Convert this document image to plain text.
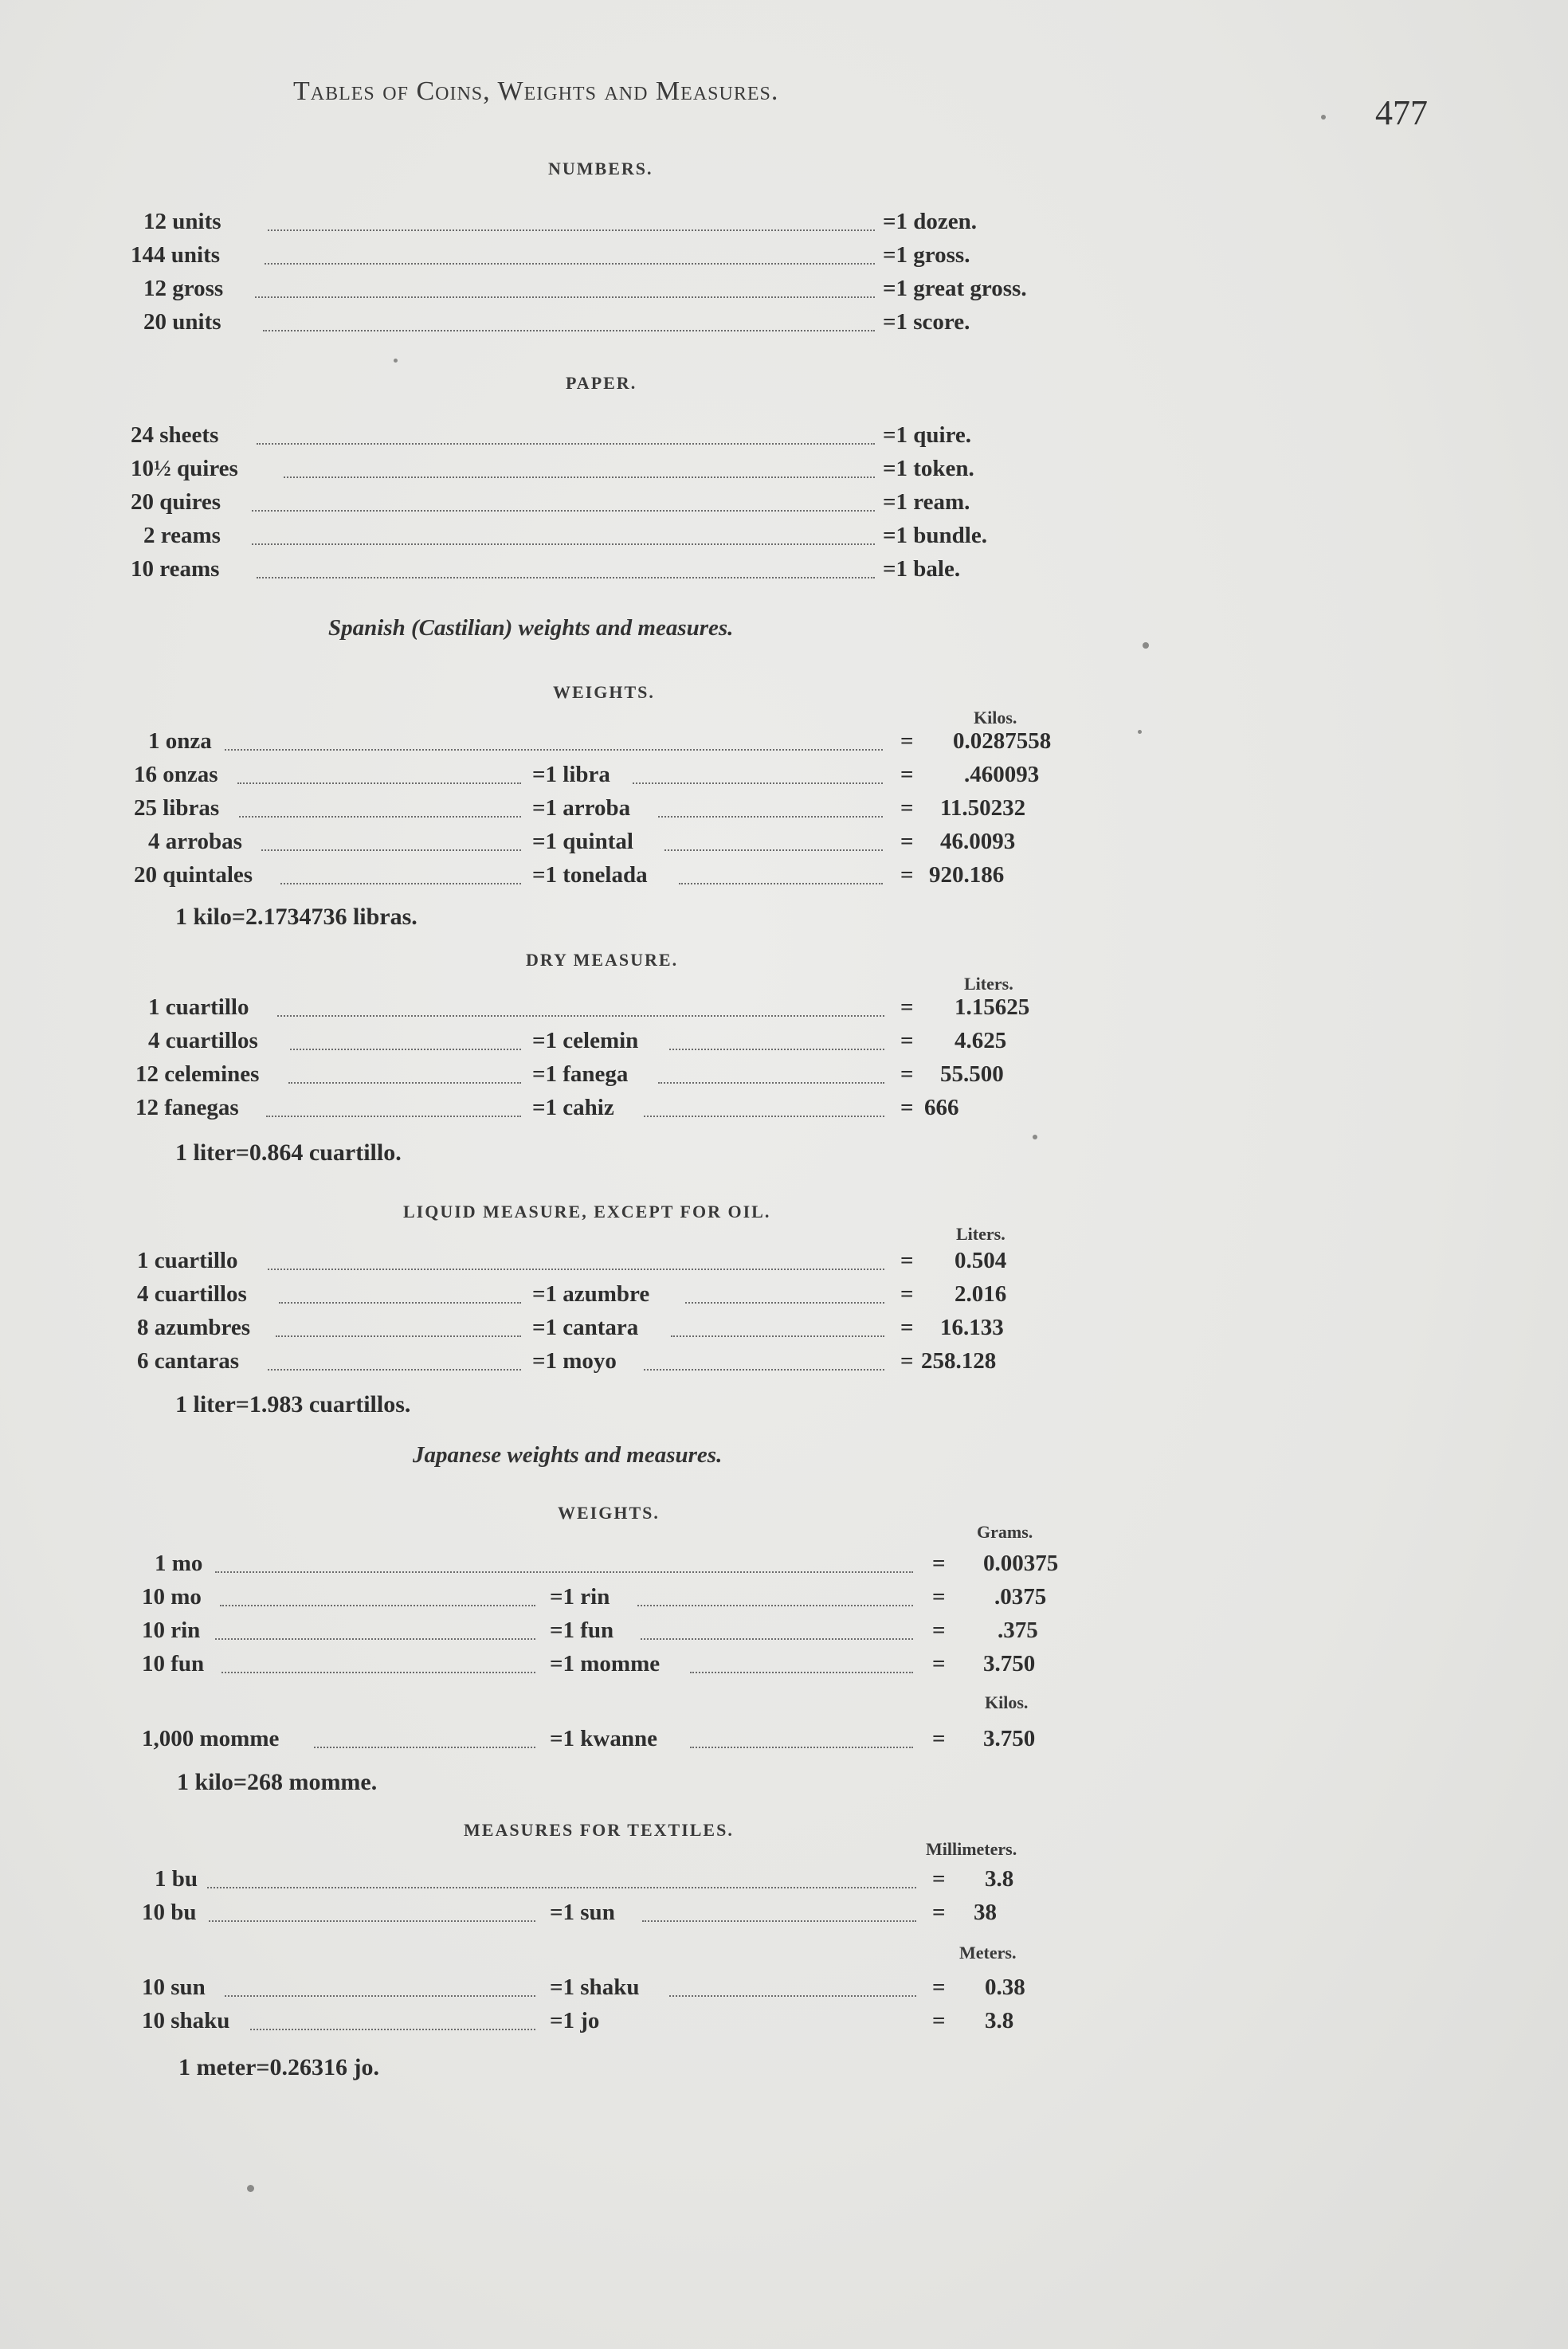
Tables of Coins, Weights and Measures.
477
NUMBERS.
12 units	=1 dozen.
144 units	=1 gross.
12 gross	=1 great gross.
20 units	=1 score.
PAPER.
24 sheets	=1 quire.
10½ quires	=1 token.
20 quires	=1 ream.
2 reams	=1 bundle.
10 reams	=1 bale.
Spanish (Castilian) weights and measures.
WEIGHTS.
Kilos.
1 onza	= 0.0287558
16 onzas	=1 libra	= .460093
25 libras	=1 arroba	= 11.50232
4 arrobas	=1 quintal	= 46.0093
20 quintales	=1 tonelada	= 920.186
1 kilo=2.1734736 libras.
DRY MEASURE.
Liters.
1 cuartillo	= 1.15625
4 cuartillos	=1 celemin	= 4.625
12 celemines	=1 fanega	= 55.500
12 fanegas	=1 cahiz	= 666
1 liter=0.864 cuartillo.
LIQUID MEASURE, EXCEPT FOR OIL.
Liters.
1 cuartillo	= 0.504
4 cuartillos	=1 azumbre	= 2.016
8 azumbres	=1 cantara	= 16.133
6 cantaras	=1 moyo	= 258.128
1 liter=1.983 cuartillos.
Japanese weights and measures.
WEIGHTS.
Grams.
1 mo	= 0.00375
10 mo	=1 rin	= .0375
10 rin	=1 fun	= .375
10 fun	=1 momme	= 3.750
Kilos.
1,000 momme	=1 kwanne	= 3.750
1 kilo=268 momme.
MEASURES FOR TEXTILES.
Millimeters.
1 bu	= 3.8
10 bu	=1 sun	= 38
Meters.
10 sun	=1 shaku	= 0.38
10 shaku	=1 jo	= 3.8
1 meter=0.26316 jo.
